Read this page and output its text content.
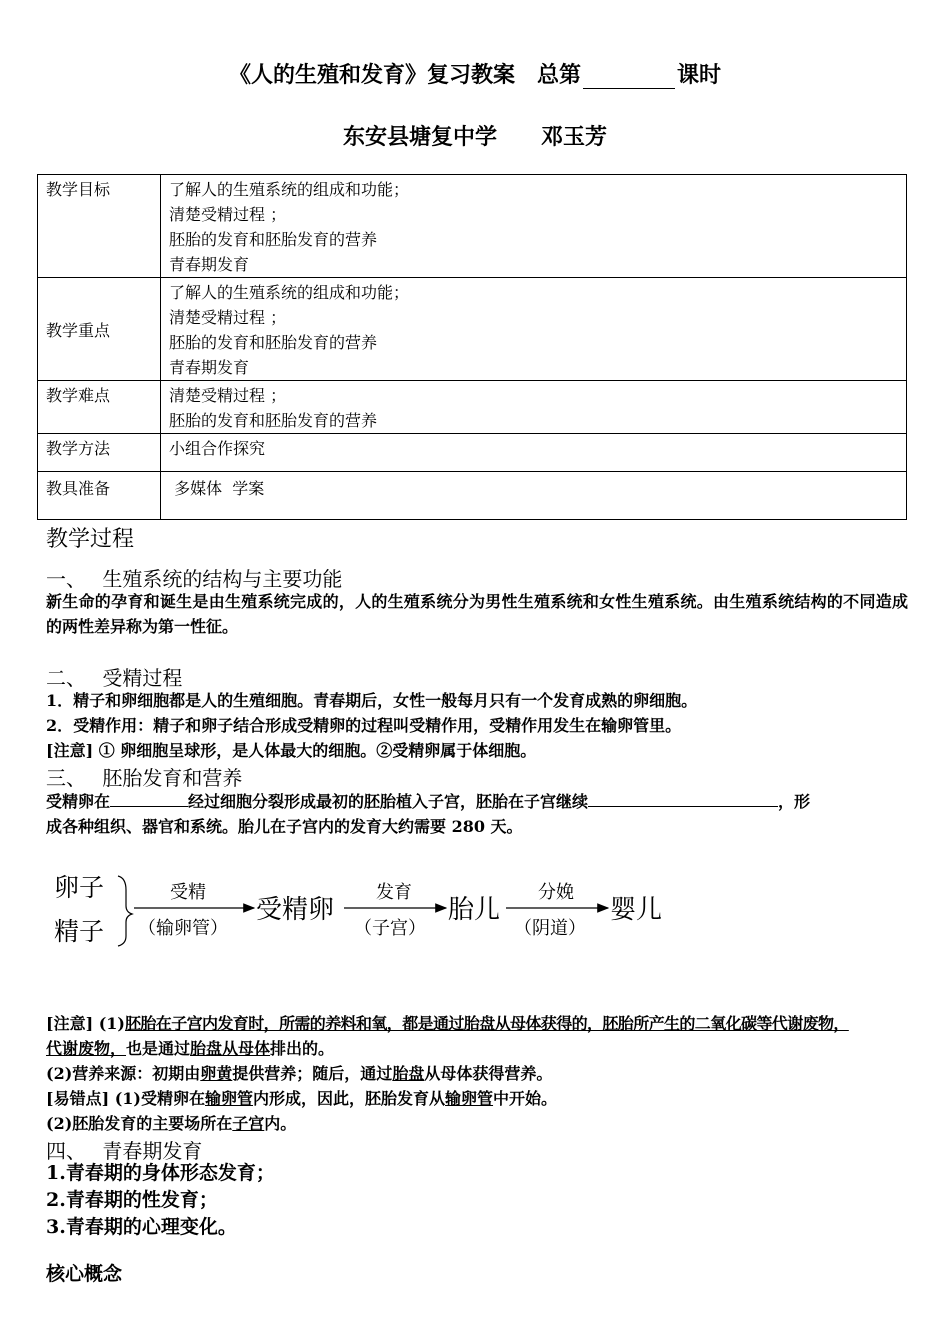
《人的生殖和发育》复习教案　总第	课时
东安县塘复中学　　邓玉芳
教学目标	了解人的生殖系统的组成和功能；
清楚受精过程 ；
胚胎的发育和胚胎发育的营养
青春期发育

教学重点	了解人的生殖系统的组成和功能；
清楚受精过程 ；
胚胎的发育和胚胎发育的营养
青春期发育

教学难点	清楚受精过程 ；
胚胎的发育和胚胎发育的营养

教学方法	小组合作探究

教具准备	多媒体  学案
教学过程
一、　 生殖系统的结构与主要功能
新生命的孕育和诞生是由生殖系统完成的，人的生殖系统分为男性生殖系统和女性生殖系统。由生殖系统结构的不同造成的两性差异称为第一性征。
二、　 受精过程
1．精子和卵细胞都是人的生殖细胞。青春期后，女性一般每月只有一个发育成熟的卵细胞。
2．受精作用：精子和卵子结合形成受精卵的过程叫受精作用，受精作用发生在输卵管里。
[注意] ① 卵细胞呈球形，是人体最大的细胞。②受精卵属于体细胞。
三、　 胚胎发育和营养
受精卵在	经过细胞分裂形成最初的胚胎植入子宫，胚胎在子宫继续	，形
成各种组织、器官和系统。胎儿在子宫内的发育大约需要 280 天。
卵子
精子
受精
（输卵管）
受精卵
发育
（子宫）
胎儿
分娩
（阴道）
婴儿
[注意] (1)胚胎在子宫内发育时，所需的养料和氧，都是通过胎盘从母体获得的，胚胎所产生的二氧化碳等代谢废物，
代谢废物，也是通过胎盘从母体排出的。
(2)营养来源：初期由卵黄提供营养；随后，通过胎盘从母体获得营养。
[易错点] (1)受精卵在输卵管内形成，因此，胚胎发育从输卵管中开始。
(2)胚胎发育的主要场所在子宫内。
四、　 青春期发育
1.青春期的身体形态发育；
2.青春期的性发育；
3.青春期的心理变化。
核心概念
